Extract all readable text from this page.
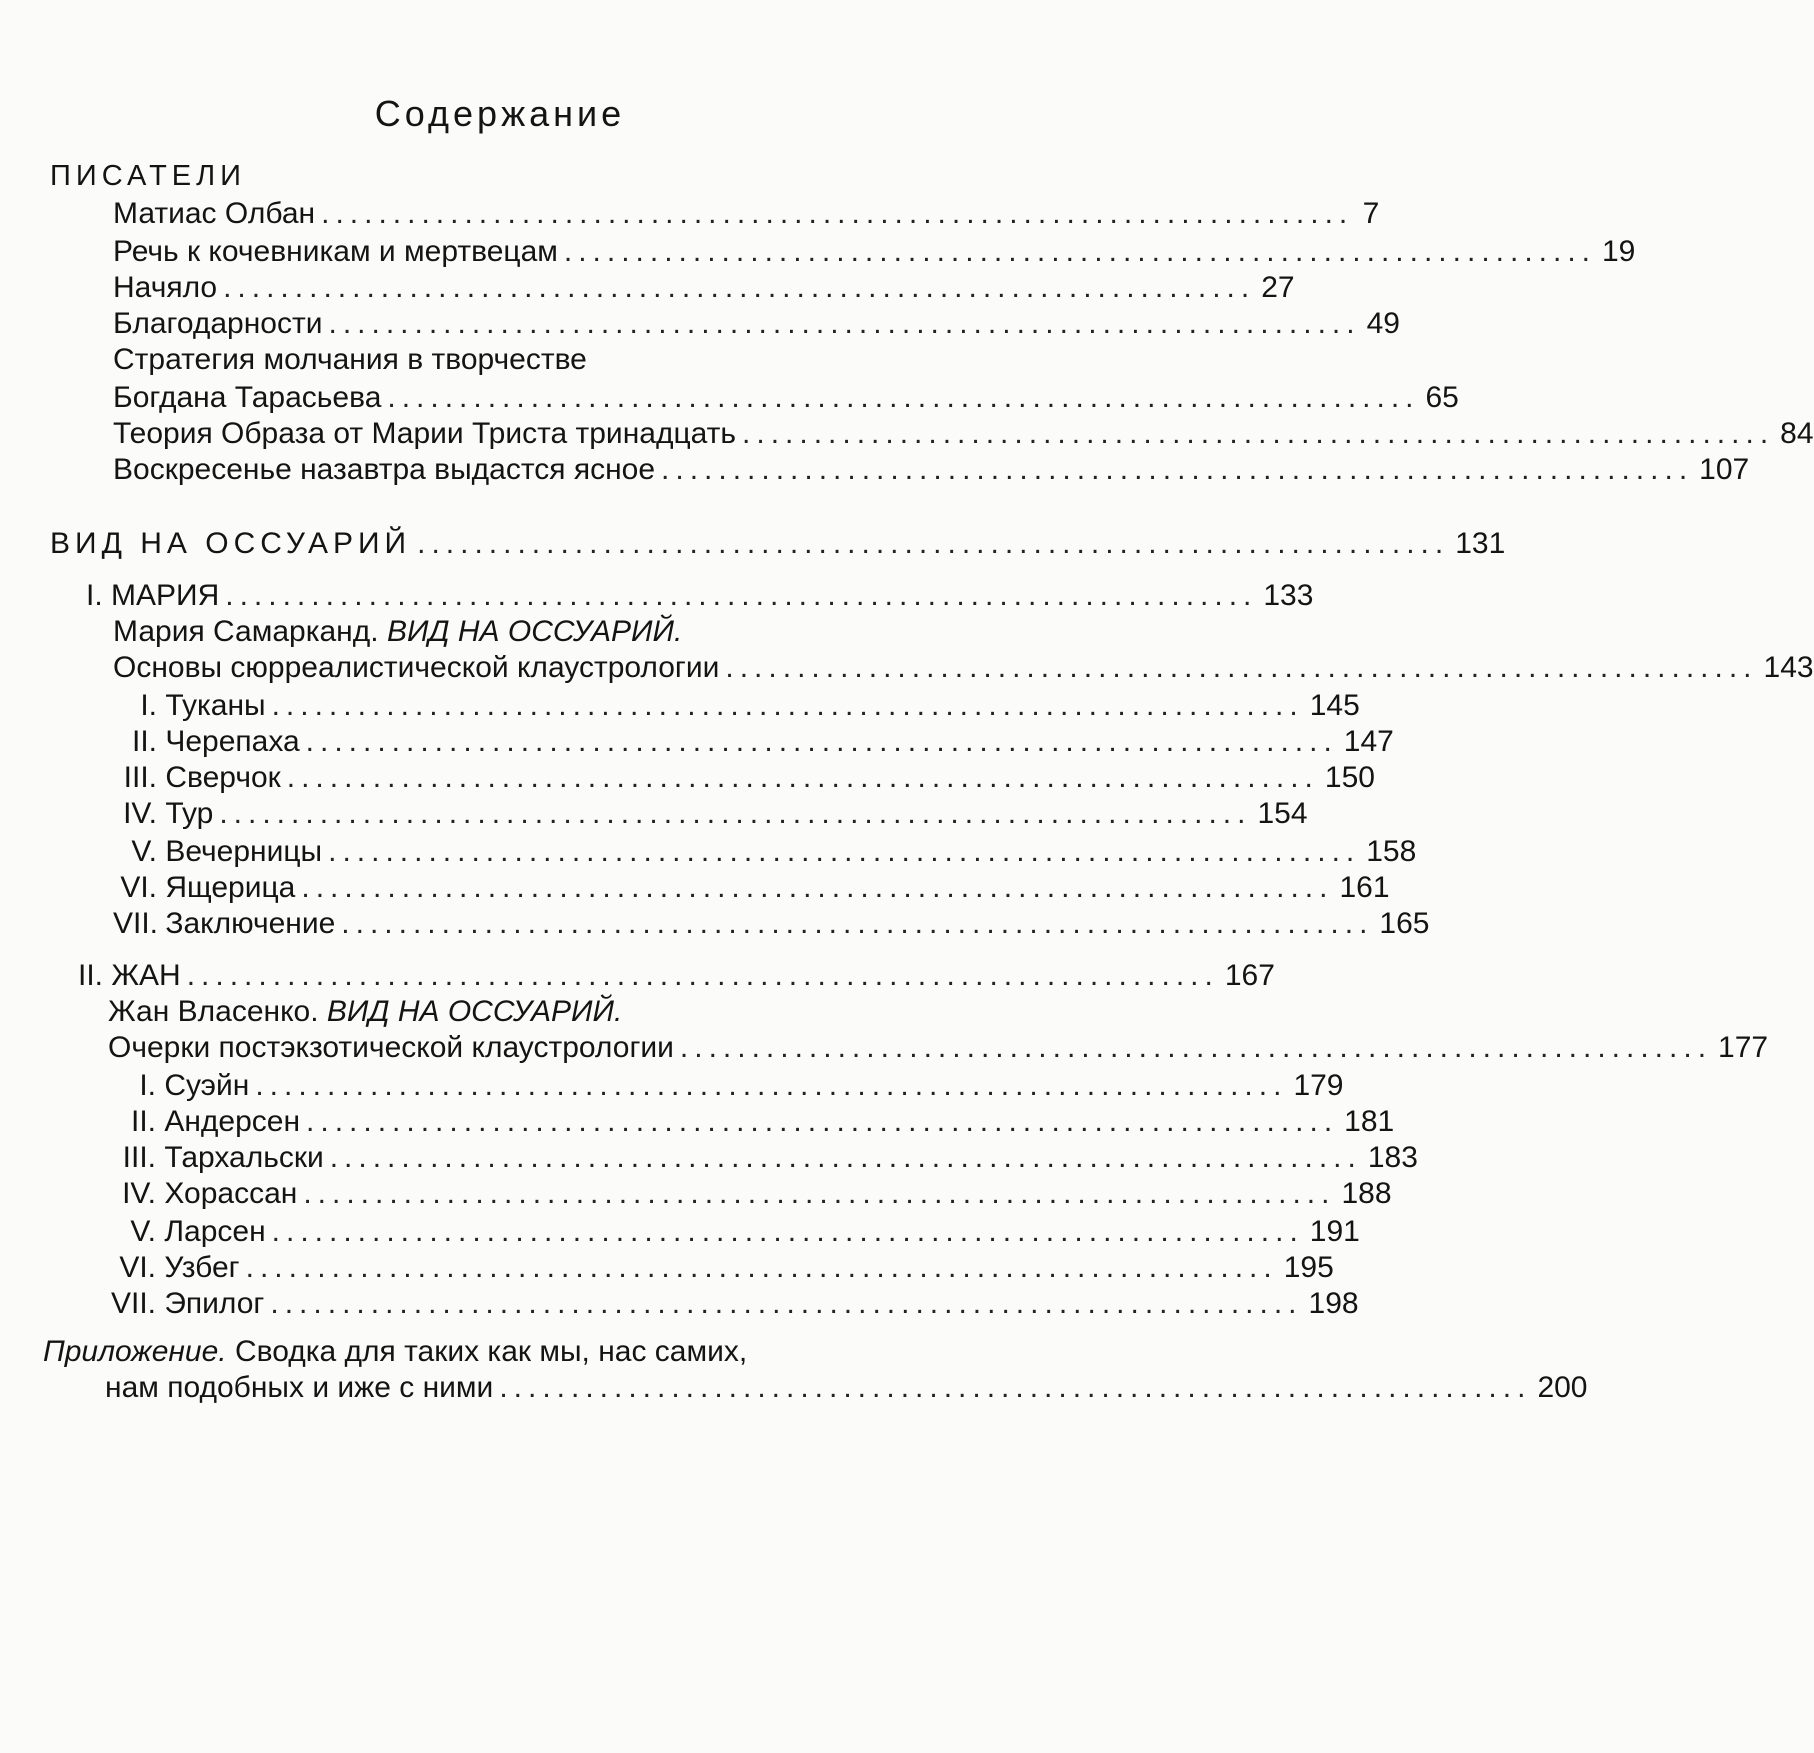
Содержание
ПИСАТЕЛИ
Матиас Олбан ........................................................................ 7
Речь к кочевникам и мертвецам ........................................................................ 19
Начяло ........................................................................ 27
Благодарности ........................................................................ 49
Стратегия молчания в творчестве
Богдана Тарасьева ........................................................................ 65
Теория Образа от Марии Триста тринадцать ........................................................................ 84
Воскресенье назавтра выдастся ясное ........................................................................ 107
ВИД НА ОССУАРИЙ ........................................................................ 131
I. МАРИЯ ........................................................................ 133
Мария Самарканд. ВИД НА ОССУАРИЙ.
Основы сюрреалистической клаустрологии ........................................................................ 143
I. Туканы ........................................................................ 145
II. Черепаха ........................................................................ 147
III. Сверчок ........................................................................ 150
IV. Тур ........................................................................ 154
V. Вечерницы ........................................................................ 158
VI. Ящерица ........................................................................ 161
VII. Заключение ........................................................................ 165
II. ЖАН ........................................................................ 167
Жан Власенко. ВИД НА ОССУАРИЙ.
Очерки постэкзотической клаустрологии ........................................................................ 177
I. Суэйн ........................................................................ 179
II. Андерсен ........................................................................ 181
III. Тархальски ........................................................................ 183
IV. Хорассан ........................................................................ 188
V. Ларсен ........................................................................ 191
VI. Узбег ........................................................................ 195
VII. Эпилог ........................................................................ 198
Приложение. Сводка для таких как мы, нас самих,
нам подобных и иже с ними ........................................................................ 200
